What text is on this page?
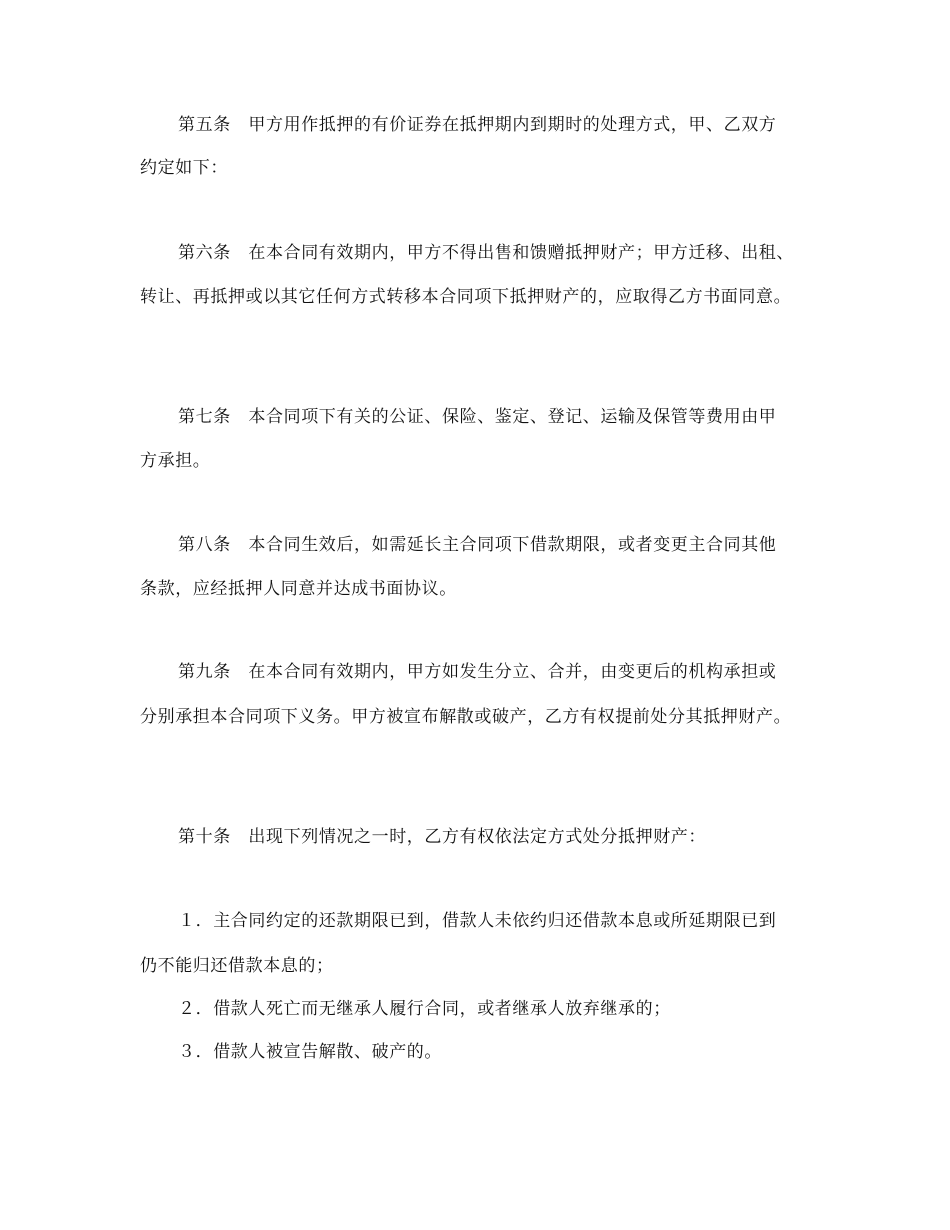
第五条　甲方用作抵押的有价证券在抵押期内到期时的处理方式，甲、乙双方
约定如下：
第六条　在本合同有效期内，甲方不得出售和馈赠抵押财产；甲方迁移、出租、
转让、再抵押或以其它任何方式转移本合同项下抵押财产的，应取得乙方书面同意。
第七条　本合同项下有关的公证、保险、鉴定、登记、运输及保管等费用由甲
方承担。
第八条　本合同生效后，如需延长主合同项下借款期限，或者变更主合同其他
条款，应经抵押人同意并达成书面协议。
第九条　在本合同有效期内，甲方如发生分立、合并，由变更后的机构承担或
分别承担本合同项下义务。甲方被宣布解散或破产，乙方有权提前处分其抵押财产。
第十条　出现下列情况之一时，乙方有权依法定方式处分抵押财产：
１．主合同约定的还款期限已到，借款人未依约归还借款本息或所延期限已到
仍不能归还借款本息的；
２．借款人死亡而无继承人履行合同，或者继承人放弃继承的；
３．借款人被宣告解散、破产的。
